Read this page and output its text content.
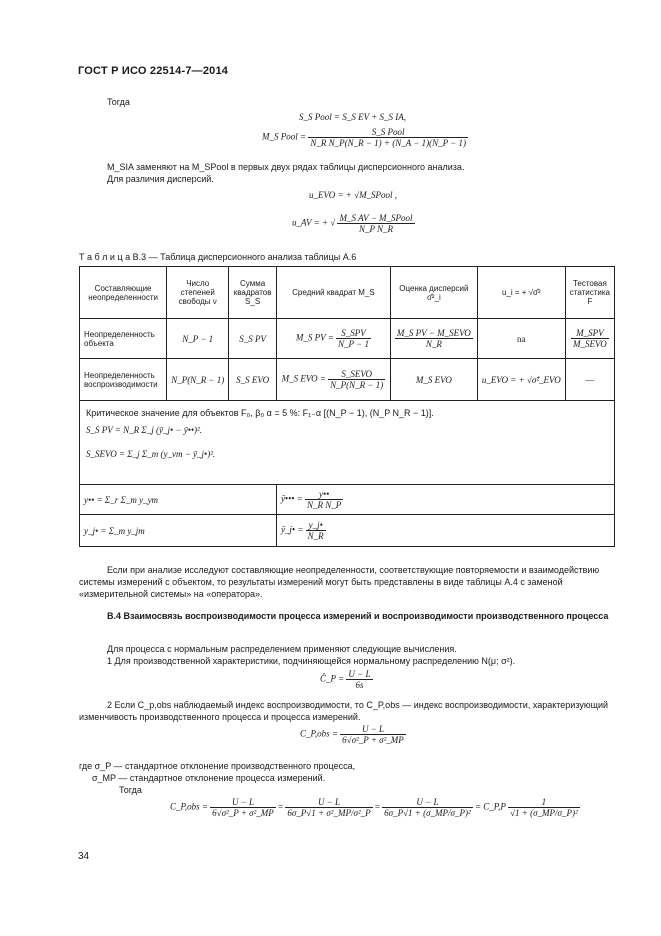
ГОСТ Р ИСО 22514-7—2014
Тогда
S_S Pool = S_S EV + S_S IA,
M_S Pool = $\frac{\text{S\_S Pool}}{\text{N\_R N\_P(N\_R − 1) + (N\_A − 1)(N\_P − 1)}}$
M_SIA заменяют на M_SPool в первых двух рядах таблицы дисперсионного анализа.
Для различия дисперсий.
u_EVO = + √M_SPool ,
u_AV = + √ $\frac{\text{M\_S AV − M\_SPool}}{\text{N\_P N\_R}}$
Т а б л и ц а В.3 — Таблица дисперсионного анализа таблицы А.6
Составляющие неопределенности	Число степеней свободы ν	Сумма квадратов S_S	Средний квадрат M_S	Оценка дисперсий σ̂²_i	u_i = + √σ̂²	Тестовая статистика F
Неопределенность объекта	N_P − 1	S_S PV	M_S PV = $\frac{\text{S\_SPV}}{N\_P - 1}$	$\frac{\text{M\_S PV − M\_SEVO}}{N\_R}$	na	$\frac{\text{M\_SPV}}{\text{M\_SEVO}}$

Неопределенность воспроизводимости	N_P(N_R − 1)	S_S EVO	M_S EVO = $\frac{\text{S\_SEVO}}{N\_P(N\_R - 1)}$	M_S EVO	u_EVO = + √σ̂²_EVO	—

Критическое значение для объектов F₀, β₀ α = 5 %: F₁₋α [(N_P − 1), (N_P N_R − 1)].
S_S PV = N_R Σ_j (ȳ_j• − ȳ••)².
S_SEVO = Σ_j Σ_m (y_vm − ȳ_j•)².						

y•• = Σ_r Σ_m y_ym			ȳ••• = $\frac{y••}{\text{N\_R N\_P}}$

y_j• = Σ_m y_jm			ȳ_j• = $\frac{y\_j•}{N\_R}$
Если при анализе исследуют составляющие неопределенности, соответствующие повторяемости и взаимодействию системы измерений с объектом, то результаты измерений могут быть представлены в виде таблицы А.4 с заменой «измерительной системы» на «оператора».
В.4 Взаимосвязь воспроизводимости процесса измерений и воспроизводимости производственного процесса
Для процесса с нормальным распределением применяют следующие вычисления.
1 Для производственной характеристики, подчиняющейся нормальному распределению N(μ; σ²).
Ĉ_P = $\frac{U - L}{6s}$
2 Если C_p,obs наблюдаемый индекс воспроизводимости, то C_P,obs — индекс воспроизводимости, характеризующий изменчивость производственного процесса и процесса измерений.
C_P,obs = $\frac{U - L}{\text{6√σ²\_P + σ²\_MP}}$
где σ_P — стандартное отклонение производственного процесса,
σ_MP — стандартное отклонение процесса измерений.
Тогда
C_P,obs = $\frac{U - L}{\text{6√σ²\_P + σ²\_MP}} = \frac{U - L}{\text{6σ\_P√1 + σ²\_MP/σ²\_P}} = \frac{U - L}{\text{6σ\_P√1 + (σ\_MP/σ\_P)²}}$ = C_P,P $\frac{1}{\text{√1 + (σ\_MP/σ\_P)²}}$
34
